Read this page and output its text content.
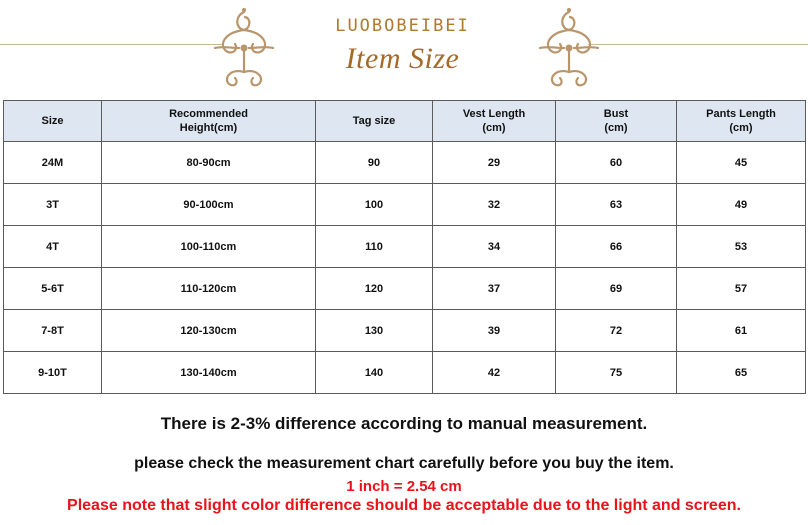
LUOBOBEIBEI
Item Size
Size	Recommended Height(cm)	Tag size	Vest Length (cm)	Bust (cm)	Pants Length (cm)
24M	80-90cm	90	29	60	45
3T	90-100cm	100	32	63	49
4T	100-110cm	110	34	66	53
5-6T	110-120cm	120	37	69	57
7-8T	120-130cm	130	39	72	61
9-10T	130-140cm	140	42	75	65
There is 2-3% difference according to manual measurement.
please check the measurement chart carefully before you buy the item.
1 inch = 2.54 cm
Please note that slight color difference should be acceptable due to the light and screen.
